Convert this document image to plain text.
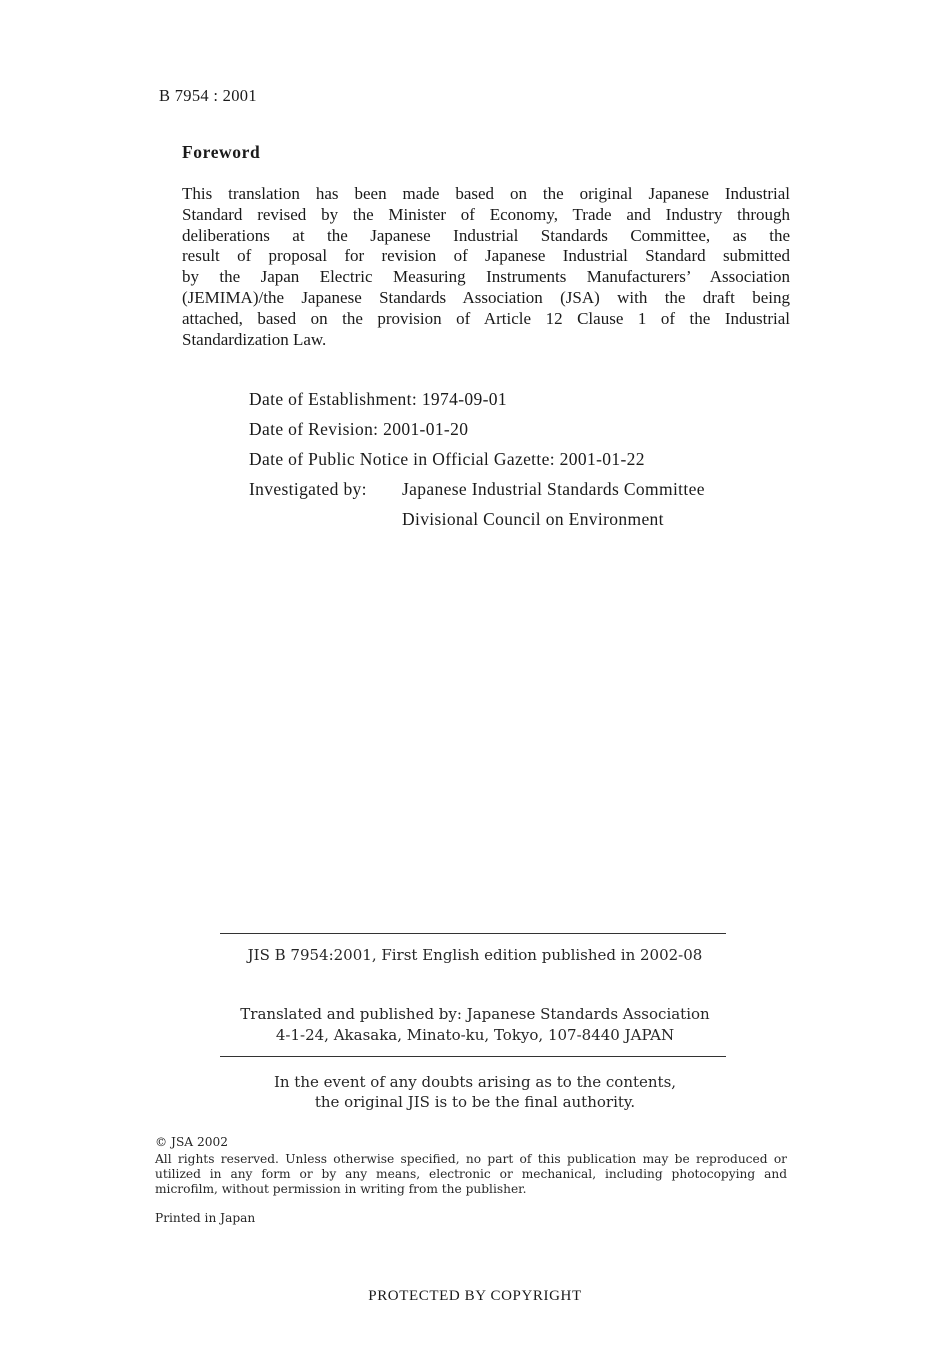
B 7954 : 2001
Foreword
This translation has been made based on the original Japanese Industrial
Standard revised by the Minister of Economy, Trade and Industry through
deliberations at the Japanese Industrial Standards Committee, as the
result of proposal for revision of Japanese Industrial Standard submitted
by the Japan Electric Measuring Instruments Manufacturers’ Association
(JEMIMA)/the Japanese Standards Association (JSA) with the draft being
attached, based on the provision of Article 12 Clause 1 of the Industrial
Standardization Law.
Date of Establishment: 1974-09-01
Date of Revision: 2001-01-20
Date of Public Notice in Official Gazette: 2001-01-22
Investigated by: Japanese Industrial Standards Committee
Divisional Council on Environment
JIS B 7954:2001, First English edition published in 2002-08
Translated and published by: Japanese Standards Association
4-1-24, Akasaka, Minato-ku, Tokyo, 107-8440 JAPAN
In the event of any doubts arising as to the contents,
the original JIS is to be the final authority.
© JSA 2002
All rights reserved. Unless otherwise specified, no part of this publication may be reproduced or
utilized in any form or by any means, electronic or mechanical, including photocopying and
microfilm, without permission in writing from the publisher.
Printed in Japan
PROTECTED BY COPYRIGHT
